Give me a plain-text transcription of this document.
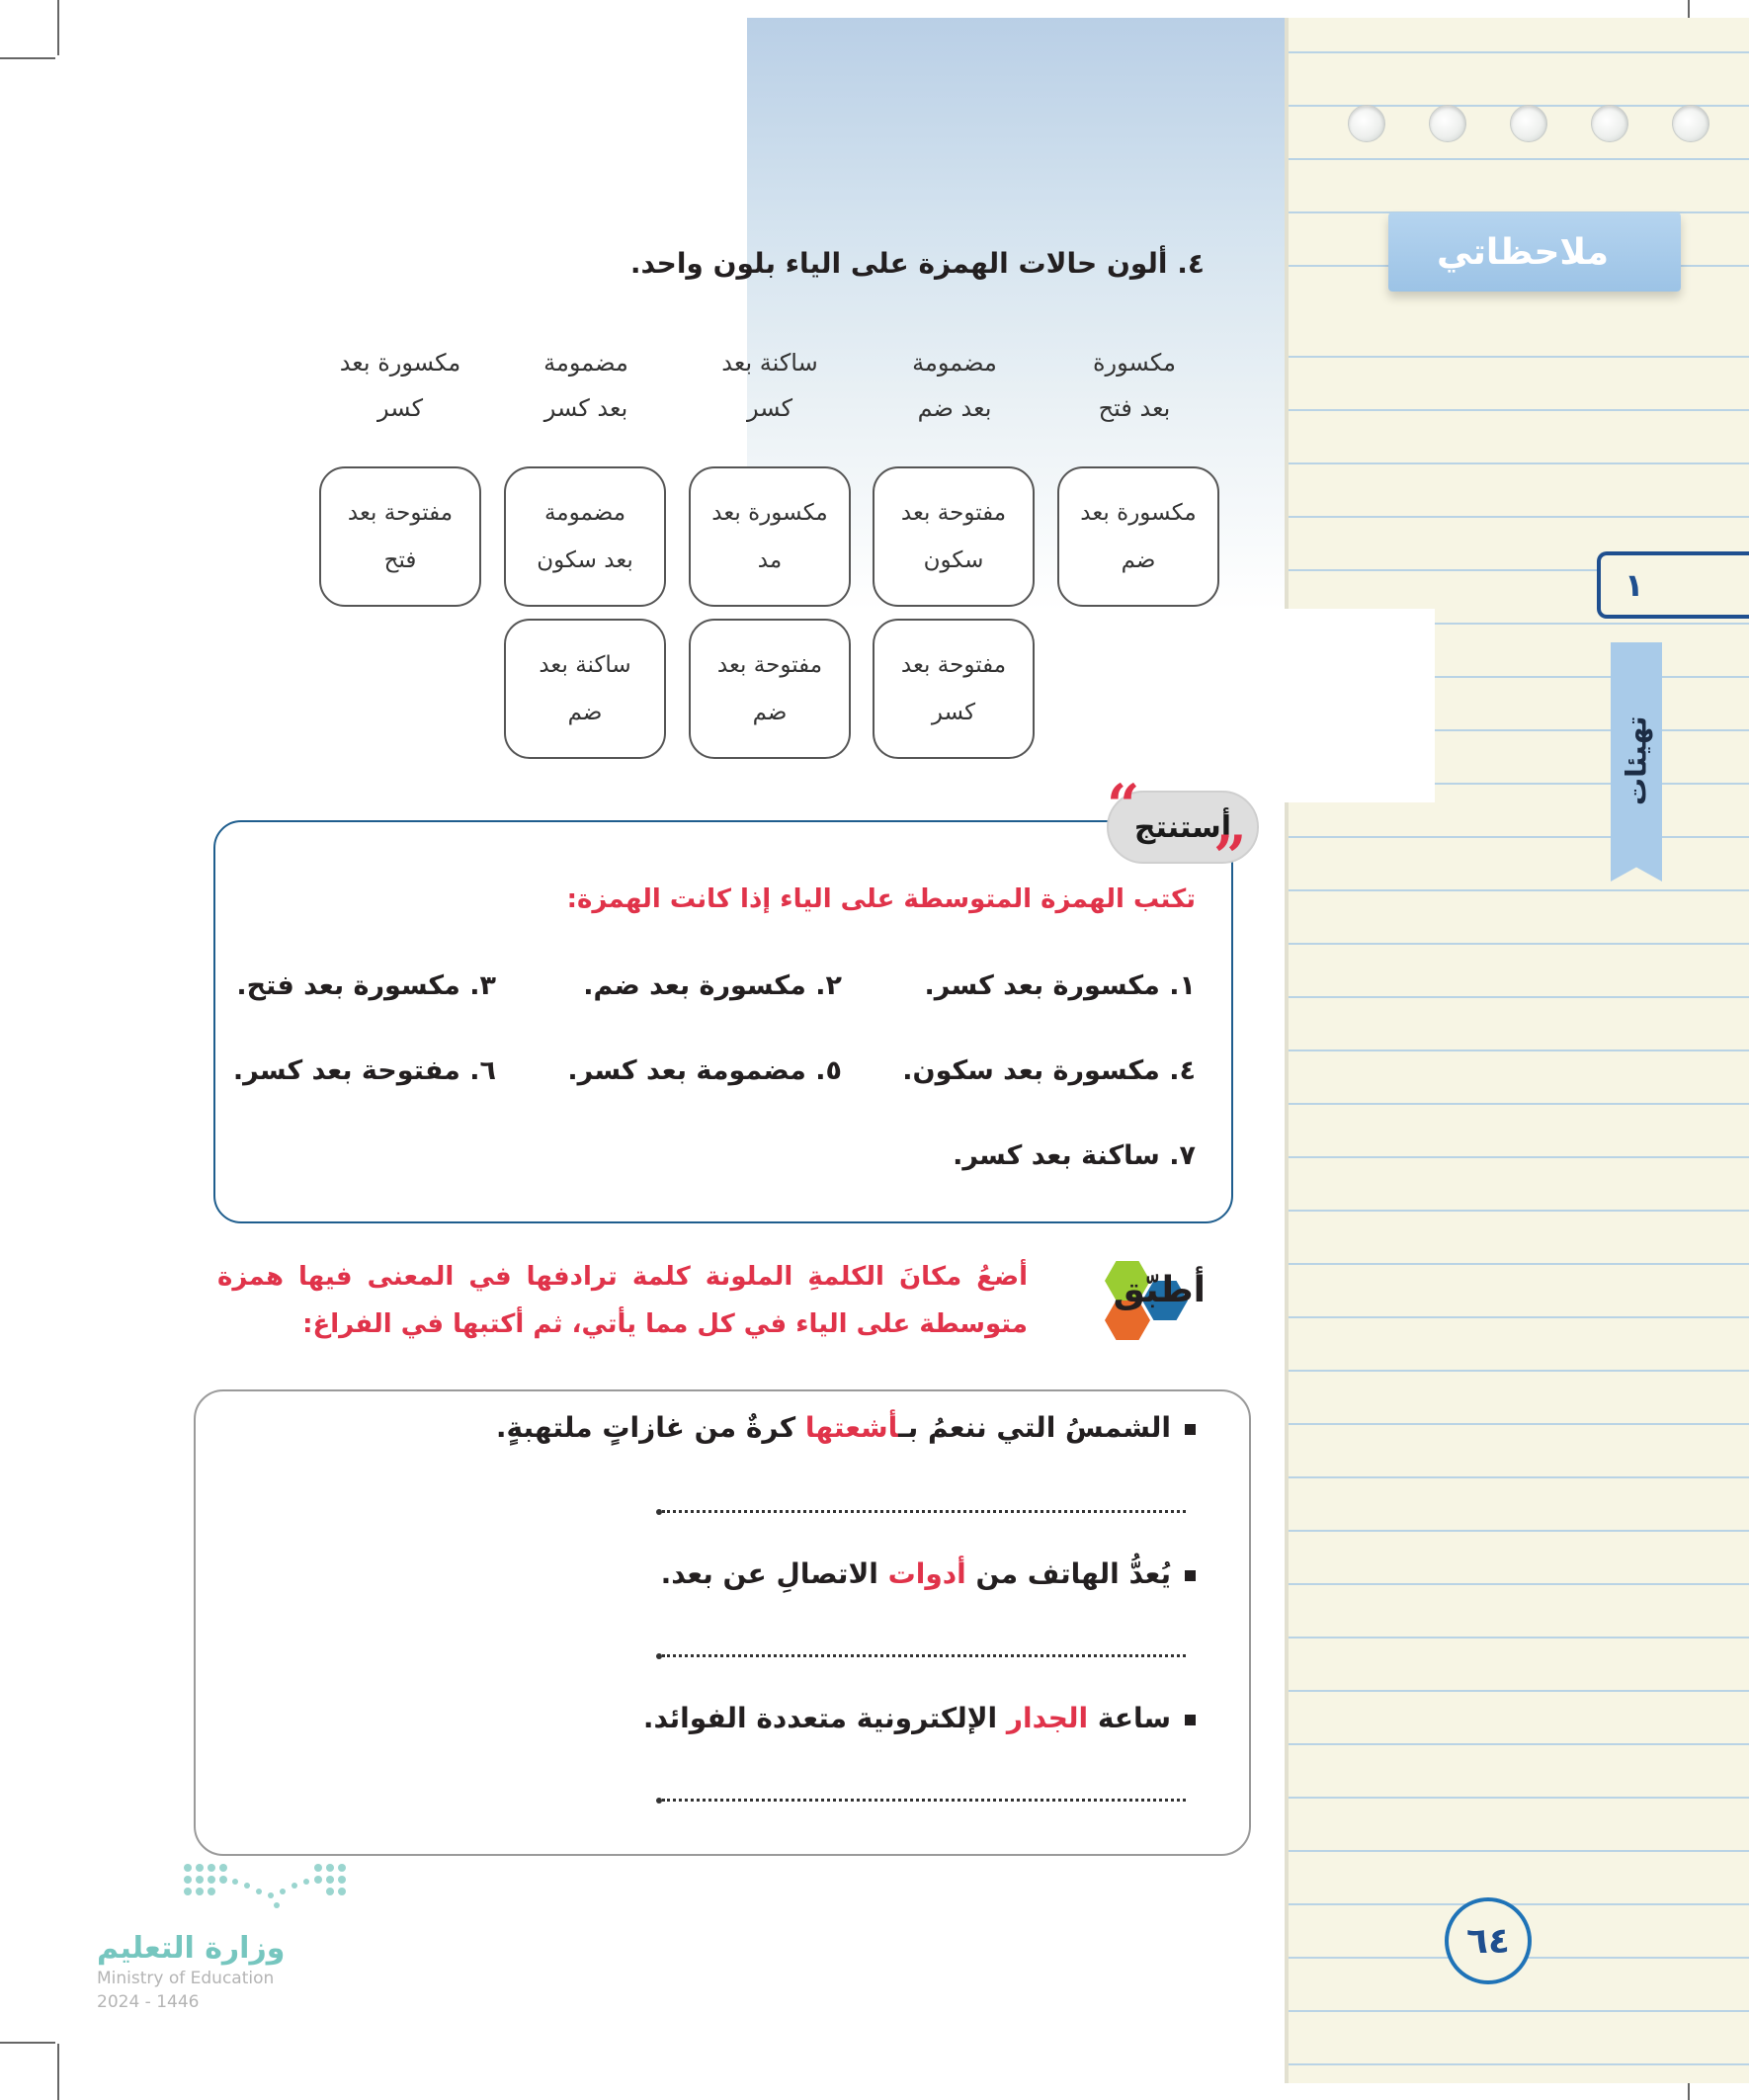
ملاحظاتي
١
تهيئات
٦٤
٤. ألون حالات الهمزة على الياء بلون واحد.
مكسورة
بعد فتح
مضمومة
بعد ضم
ساكنة بعد
كسر
مضمومة
بعد كسر
مكسورة بعد
كسر
مكسورة بعد
ضم
مفتوحة بعد
سكون
مكسورة بعد
مد
مضمومة
بعد سكون
مفتوحة بعد
فتح
مفتوحة بعد
كسر
مفتوحة بعد
ضم
ساكنة بعد
ضم
أستنتج
“
”
تكتب الهمزة المتوسطة على الياء إذا كانت الهمزة:
١. مكسورة بعد كسر.
٢. مكسورة بعد ضم.
٣. مكسورة بعد فتح.
٤. مكسورة بعد سكون.
٥. مضمومة بعد كسر.
٦. مفتوحة بعد كسر.
٧. ساكنة بعد كسر.
أطبّق
أضعُ مكانَ الكلمةِ الملونة كلمة ترادفها في المعنى فيها همزة متوسطة على الياء في كل مما يأتي، ثم أكتبها في الفراغ:
الشمسُ التي ننعمُ بـأشعتها كرةٌ من غازاتٍ ملتهبةٍ.
يُعدُّ الهاتف من أدوات الاتصالِ عن بعد.
ساعة الجدار الإلكترونية متعددة الفوائد.
وزارة التعليم
Ministry of Education
2024 - 1446
